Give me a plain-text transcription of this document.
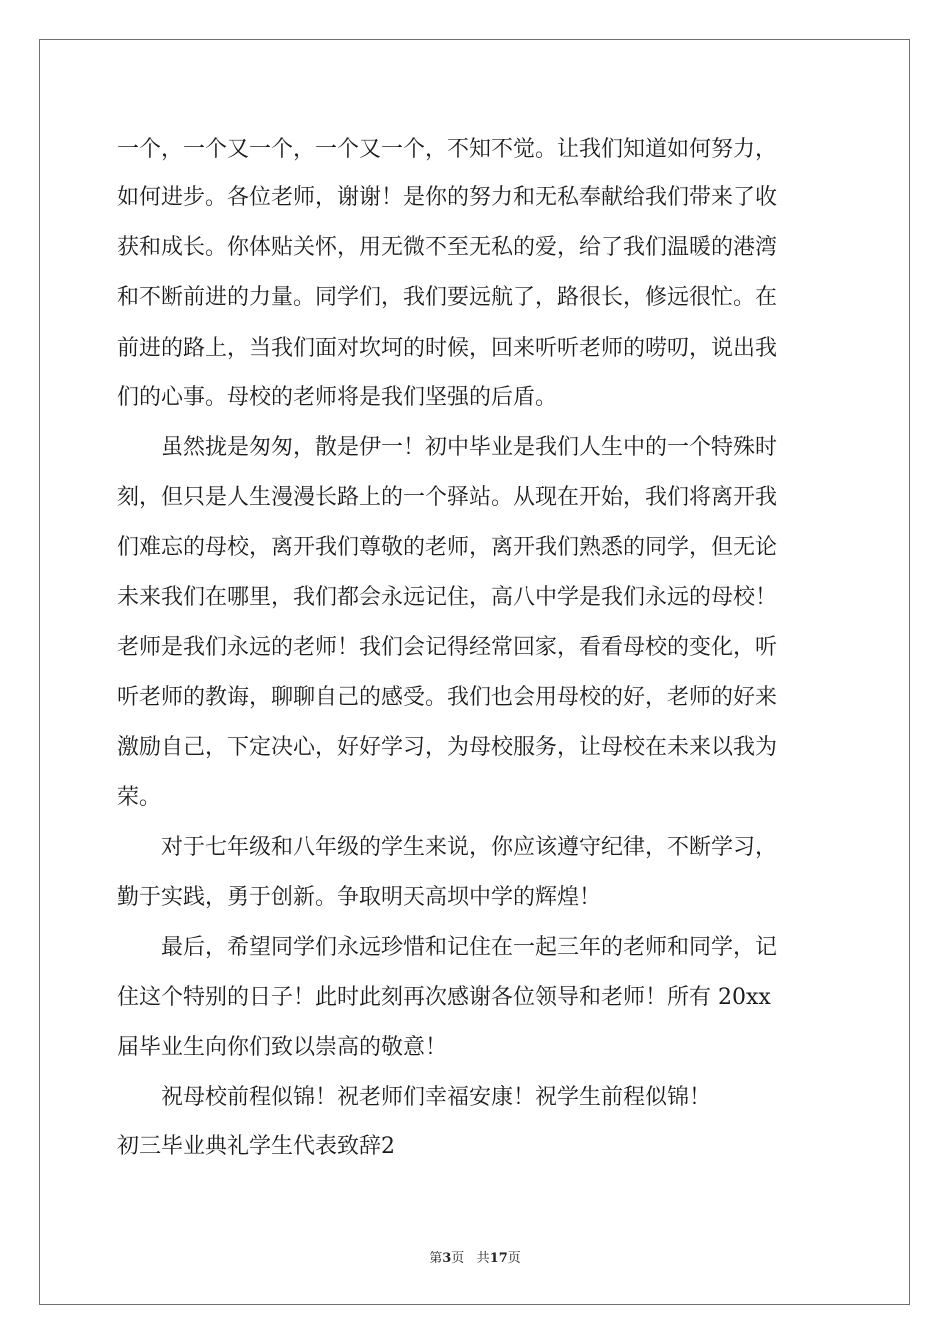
一个，一个又一个，一个又一个，不知不觉。让我们知道如何努力，
如何进步。各位老师，谢谢！是你的努力和无私奉献给我们带来了收
获和成长。你体贴关怀，用无微不至无私的爱，给了我们温暖的港湾
和不断前进的力量。同学们，我们要远航了，路很长，修远很忙。在
前进的路上，当我们面对坎坷的时候，回来听听老师的唠叨，说出我
们的心事。母校的老师将是我们坚强的后盾。
　　虽然拢是匆匆，散是伊一！初中毕业是我们人生中的一个特殊时
刻，但只是人生漫漫长路上的一个驿站。从现在开始，我们将离开我
们难忘的母校，离开我们尊敬的老师，离开我们熟悉的同学，但无论
未来我们在哪里，我们都会永远记住，高八中学是我们永远的母校！
老师是我们永远的老师！我们会记得经常回家，看看母校的变化，听
听老师的教诲，聊聊自己的感受。我们也会用母校的好，老师的好来
激励自己，下定决心，好好学习，为母校服务，让母校在未来以我为
荣。
　　对于七年级和八年级的学生来说，你应该遵守纪律，不断学习，
勤于实践，勇于创新。争取明天高坝中学的辉煌！
　　最后，希望同学们永远珍惜和记住在一起三年的老师和同学，记
住这个特别的日子！此时此刻再次感谢各位领导和老师！所有 20xx
届毕业生向你们致以崇高的敬意！
　　祝母校前程似锦！祝老师们幸福安康！祝学生前程似锦！
初三毕业典礼学生代表致辞2
第3页 共17页
